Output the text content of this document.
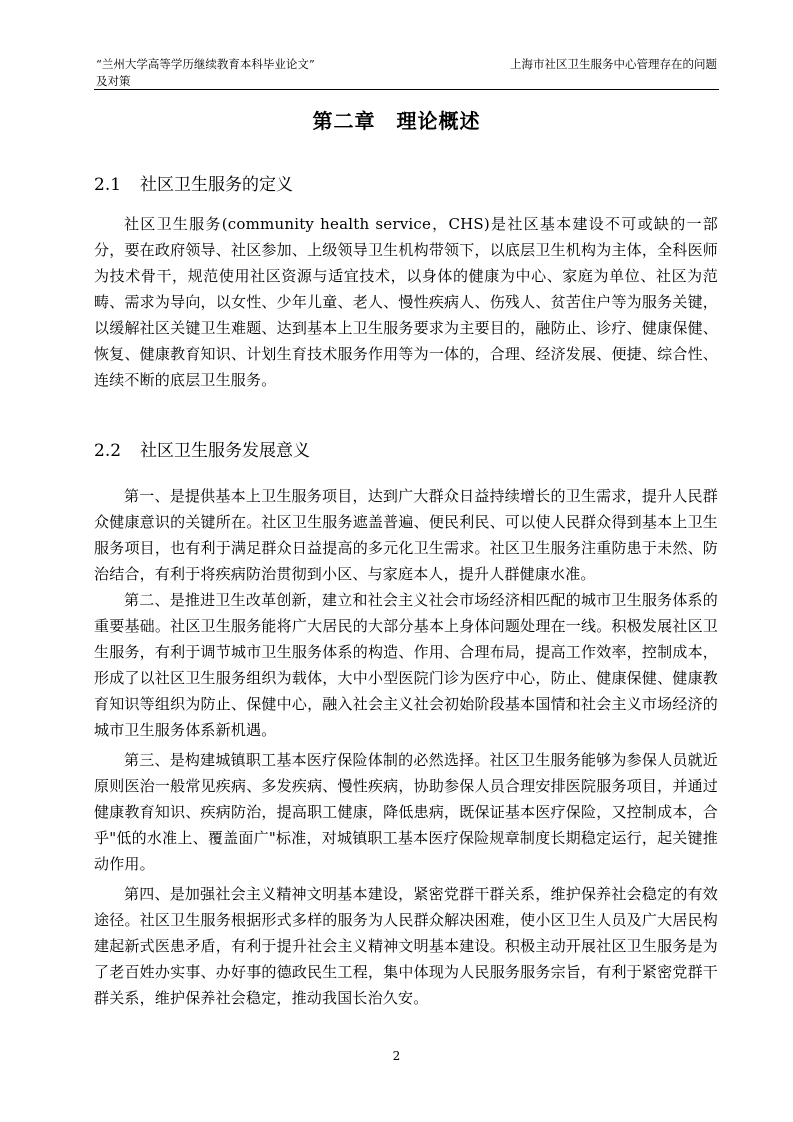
“兰州大学高等学历继续教育本科毕业论文”
及对策
上海市社区卫生服务中心管理存在的问题
第二章　理论概述
2.1 社区卫生服务的定义

社区卫生服务(community health service，CHS)是社区基本建设不可或缺的一部分，要在政府领导、社区参加、上级领导卫生机构带领下，以底层卫生机构为主体，全科医师为技术骨干，规范使用社区资源与适宜技术，以身体的健康为中心、家庭为单位、社区为范畴、需求为导向，以女性、少年儿童、老人、慢性疾病人、伤残人、贫苦住户等为服务关键，以缓解社区关键卫生难题、达到基本上卫生服务要求为主要目的，融防止、诊疗、健康保健、恢复、健康教育知识、计划生育技术服务作用等为一体的，合理、经济发展、便捷、综合性、连续不断的底层卫生服务。

2.2 社区卫生服务发展意义

第一、是提供基本上卫生服务项目，达到广大群众日益持续增长的卫生需求，提升人民群众健康意识的关键所在。社区卫生服务遮盖普遍、便民利民、可以使人民群众得到基本上卫生服务项目，也有利于满足群众日益提高的多元化卫生需求。社区卫生服务注重防患于未然、防治结合，有利于将疾病防治贯彻到小区、与家庭本人，提升人群健康水准。

第二、是推进卫生改革创新，建立和社会主义社会市场经济相匹配的城市卫生服务体系的重要基础。社区卫生服务能将广大居民的大部分基本上身体问题处理在一线。积极发展社区卫生服务，有利于调节城市卫生服务体系的构造、作用、合理布局，提高工作效率，控制成本，形成了以社区卫生服务组织为载体，大中小型医院门诊为医疗中心，防止、健康保健、健康教育知识等组织为防止、保健中心，融入社会主义社会初始阶段基本国情和社会主义市场经济的城市卫生服务体系新机遇。

第三、是构建城镇职工基本医疗保险体制的必然选择。社区卫生服务能够为参保人员就近原则医治一般常见疾病、多发疾病、慢性疾病，协助参保人员合理安排医院服务项目，并通过健康教育知识、疾病防治，提高职工健康，降低患病，既保证基本医疗保险，又控制成本，合乎"低的水准上、覆盖面广"标准，对城镇职工基本医疗保险规章制度长期稳定运行，起关键推动作用。

第四、是加强社会主义精神文明基本建设，紧密党群干群关系，维护保养社会稳定的有效途径。社区卫生服务根据形式多样的服务为人民群众解决困难，使小区卫生人员及广大居民构建起新式医患矛盾，有利于提升社会主义精神文明基本建设。积极主动开展社区卫生服务是为了老百姓办实事、办好事的德政民生工程，集中体现为人民服务服务宗旨，有利于紧密党群干群关系，维护保养社会稳定，推动我国长治久安。

2
